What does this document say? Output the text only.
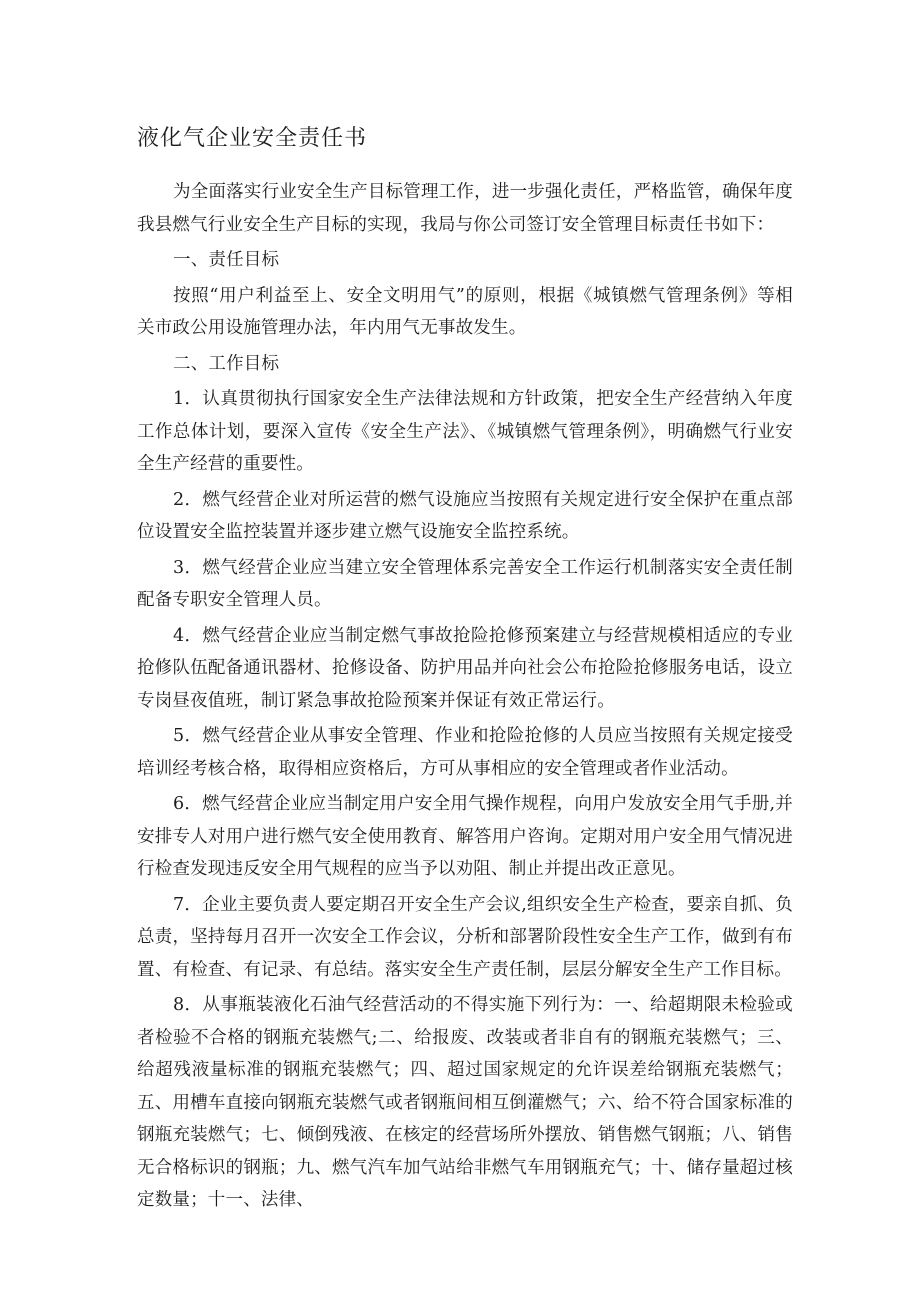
液化气企业安全责任书

为全面落实行业安全生产目标管理工作，进一步强化责任，严格监管，确保年度我县燃气行业安全生产目标的实现，我局与你公司签订安全管理目标责任书如下：

一、责任目标

按照“用户利益至上、安全文明用气”的原则，根据《城镇燃气管理条例》等相关市政公用设施管理办法，年内用气无事故发生。

二、工作目标

1．认真贯彻执行国家安全生产法律法规和方针政策，把安全生产经营纳入年度工作总体计划，要深入宣传《安全生产法》、《城镇燃气管理条例》，明确燃气行业安全生产经营的重要性。

2．燃气经营企业对所运营的燃气设施应当按照有关规定进行安全保护在重点部位设置安全监控装置并逐步建立燃气设施安全监控系统。

3．燃气经营企业应当建立安全管理体系完善安全工作运行机制落实安全责任制配备专职安全管理人员。

4．燃气经营企业应当制定燃气事故抢险抢修预案建立与经营规模相适应的专业抢修队伍配备通讯器材、抢修设备、防护用品并向社会公布抢险抢修服务电话，设立专岗昼夜值班，制订紧急事故抢险预案并保证有效正常运行。

5．燃气经营企业从事安全管理、作业和抢险抢修的人员应当按照有关规定接受培训经考核合格，取得相应资格后，方可从事相应的安全管理或者作业活动。

6．燃气经营企业应当制定用户安全用气操作规程，向用户发放安全用气手册,并安排专人对用户进行燃气安全使用教育、解答用户咨询。定期对用户安全用气情况进行检查发现违反安全用气规程的应当予以劝阻、制止并提出改正意见。

7．企业主要负责人要定期召开安全生产会议,组织安全生产检查，要亲自抓、负总责，坚持每月召开一次安全工作会议，分析和部署阶段性安全生产工作，做到有布置、有检查、有记录、有总结。落实安全生产责任制，层层分解安全生产工作目标。

8．从事瓶装液化石油气经营活动的不得实施下列行为：一、给超期限未检验或者检验不合格的钢瓶充装燃气;二、给报废、改装或者非自有的钢瓶充装燃气；三、给超残液量标准的钢瓶充装燃气；四、超过国家规定的允许误差给钢瓶充装燃气；五、用槽车直接向钢瓶充装燃气或者钢瓶间相互倒灌燃气；六、给不符合国家标准的钢瓶充装燃气；七、倾倒残液、在核定的经营场所外摆放、销售燃气钢瓶；八、销售无合格标识的钢瓶；九、燃气汽车加气站给非燃气车用钢瓶充气；十、储存量超过核定数量；十一、法律、
